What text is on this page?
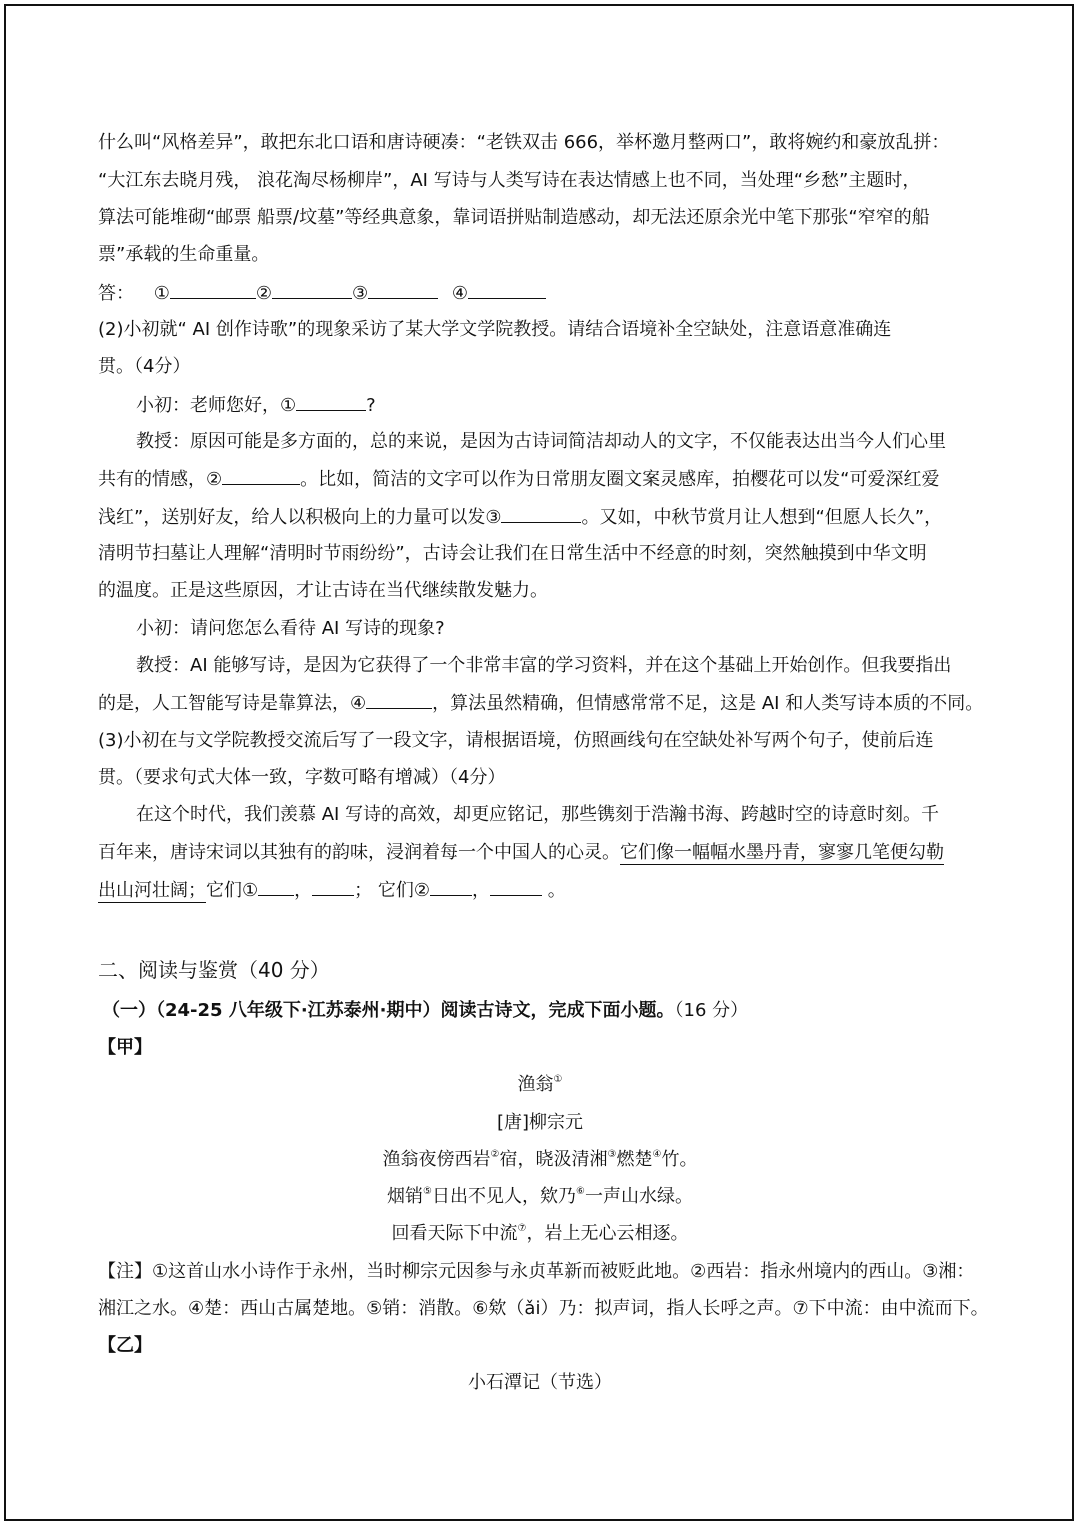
什么叫“风格差异”，敢把东北口语和唐诗硬凑：“老铁双击 666，举杯邀月整两口”，敢将婉约和豪放乱拼：
“大江东去晓月残， 浪花淘尽杨柳岸”，AI 写诗与人类写诗在表达情感上也不同，当处理“乡愁”主题时，
算法可能堆砌“邮票 船票/坟墓”等经典意象，靠词语拼贴制造感动，却无法还原余光中笔下那张“窄窄的船
票”承载的生命重量。
答： ①	②	③	④
(2)小初就“ AI 创作诗歌”的现象采访了某大学文学院教授。请结合语境补全空缺处，注意语意准确连
贯。（4分）
小初：老师您好，①	?
教授：原因可能是多方面的，总的来说，是因为古诗词简洁却动人的文字，不仅能表达出当今人们心里
共有的情感，②	。比如，简洁的文字可以作为日常朋友圈文案灵感库，拍樱花可以发“可爱深红爱
浅红”，送别好友，给人以积极向上的力量可以发③	。又如，中秋节赏月让人想到“但愿人长久”，
清明节扫墓让人理解“清明时节雨纷纷”，古诗会让我们在日常生活中不经意的时刻，突然触摸到中华文明
的温度。正是这些原因，才让古诗在当代继续散发魅力。
小初：请问您怎么看待 AI 写诗的现象?
教授：AI 能够写诗，是因为它获得了一个非常丰富的学习资料，并在这个基础上开始创作。但我要指出
的是，人工智能写诗是靠算法，④	，算法虽然精确，但情感常常不足，这是 AI 和人类写诗本质的不同。
(3)小初在与文学院教授交流后写了一段文字，请根据语境，仿照画线句在空缺处补写两个句子，使前后连
贯。（要求句式大体一致，字数可略有增减）（4分）
在这个时代，我们羡慕 AI 写诗的高效，却更应铭记，那些镌刻于浩瀚书海、跨越时空的诗意时刻。千
百年来，唐诗宋词以其独有的韵味，浸润着每一个中国人的心灵。它们像一幅幅水墨丹青，寥寥几笔便勾勒
出山河壮阔；它们① ， ； 它们② ，	。
二、阅读与鉴赏（40 分）
（一）（24-25 八年级下·江苏泰州·期中）阅读古诗文，完成下面小题。（16 分）
【甲】
渔翁①
[唐]柳宗元
渔翁夜傍西岩②宿，晓汲清湘③燃楚④竹。
烟销⑤日出不见人，欸乃⑥一声山水绿。
回看天际下中流⑦，岩上无心云相逐。
【注】①这首山水小诗作于永州，当时柳宗元因参与永贞革新而被贬此地。②西岩：指永州境内的西山。③湘：
湘江之水。④楚：西山古属楚地。⑤销：消散。⑥欸（ǎi）乃：拟声词，指人长呼之声。⑦下中流：由中流而下。
【乙】
小石潭记（节选）
